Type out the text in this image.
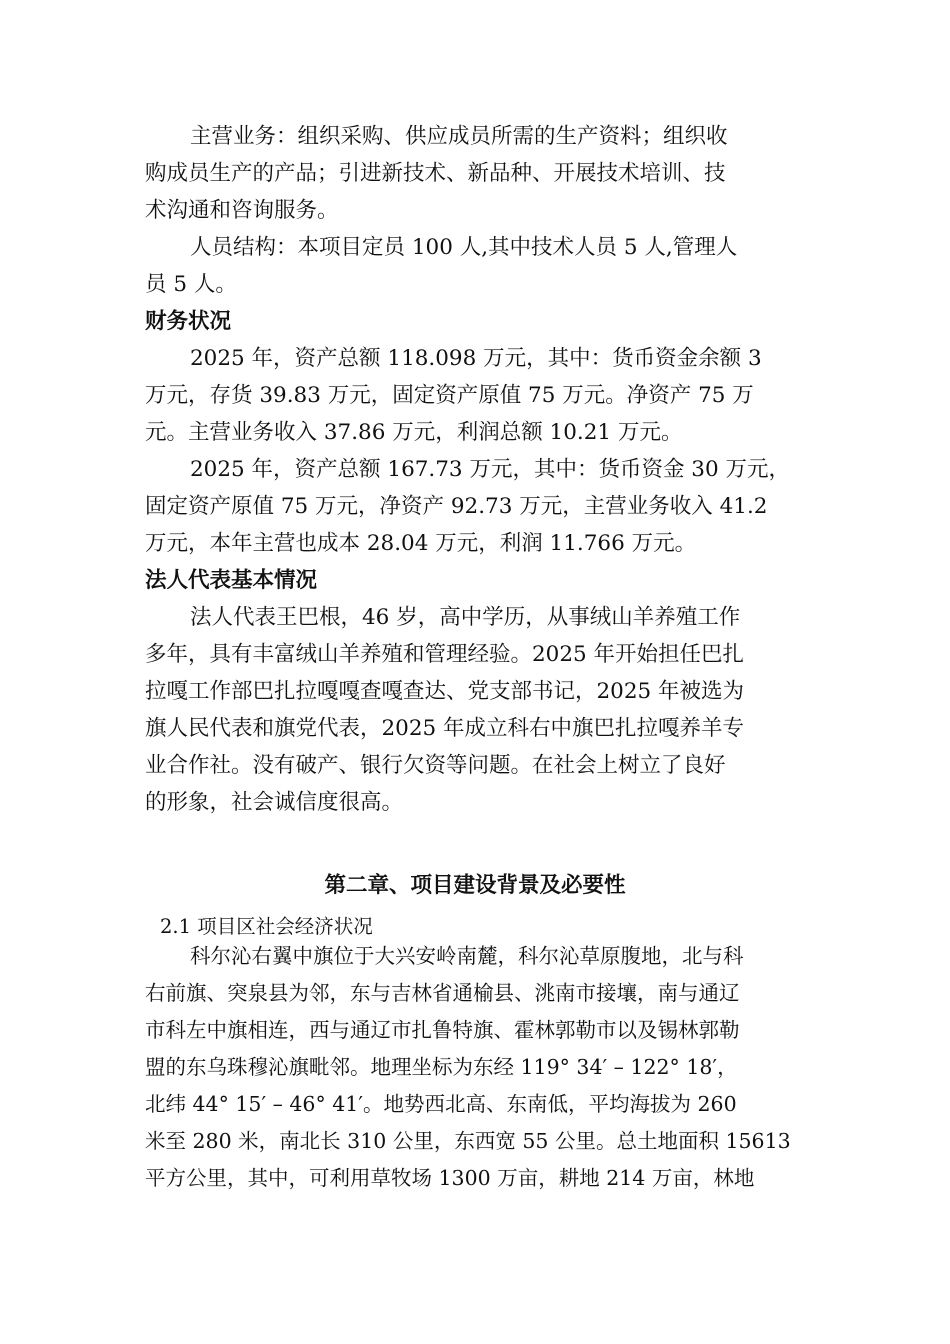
主营业务：组织采购、供应成员所需的生产资料；组织收
购成员生产的产品；引进新技术、新品种、开展技术培训、技
术沟通和咨询服务。
人员结构：本项目定员 100 人,其中技术人员 5 人,管理人
员 5 人。
财务状况
2025 年，资产总额 118.098 万元，其中：货币资金余额 3
万元，存货 39.83 万元，固定资产原值 75 万元。净资产 75 万
元。主营业务收入 37.86 万元，利润总额 10.21 万元。
2025 年，资产总额 167.73 万元，其中：货币资金 30 万元，
固定资产原值 75 万元，净资产 92.73 万元，主营业务收入 41.2
万元，本年主营也成本 28.04 万元，利润 11.766 万元。
法人代表基本情况
法人代表王巴根，46 岁，高中学历，从事绒山羊养殖工作
多年，具有丰富绒山羊养殖和管理经验。2025 年开始担任巴扎
拉嘎工作部巴扎拉嘎嘎查嘎查达、党支部书记，2025 年被选为
旗人民代表和旗党代表，2025 年成立科右中旗巴扎拉嘎养羊专
业合作社。没有破产、银行欠资等问题。在社会上树立了良好
的形象，社会诚信度很高。
第二章、项目建设背景及必要性
2.1 项目区社会经济状况
科尔沁右翼中旗位于大兴安岭南麓，科尔沁草原腹地，北与科
右前旗、突泉县为邻，东与吉林省通榆县、洮南市接壤，南与通辽
市科左中旗相连，西与通辽市扎鲁特旗、霍林郭勒市以及锡林郭勒
盟的东乌珠穆沁旗毗邻。地理坐标为东经 119° 34′ – 122° 18′，
北纬 44° 15′ – 46° 41′。地势西北高、东南低，平均海拔为 260
米至 280 米，南北长 310 公里，东西宽 55 公里。总土地面积 15613
平方公里，其中，可利用草牧场 1300 万亩，耕地 214 万亩，林地
